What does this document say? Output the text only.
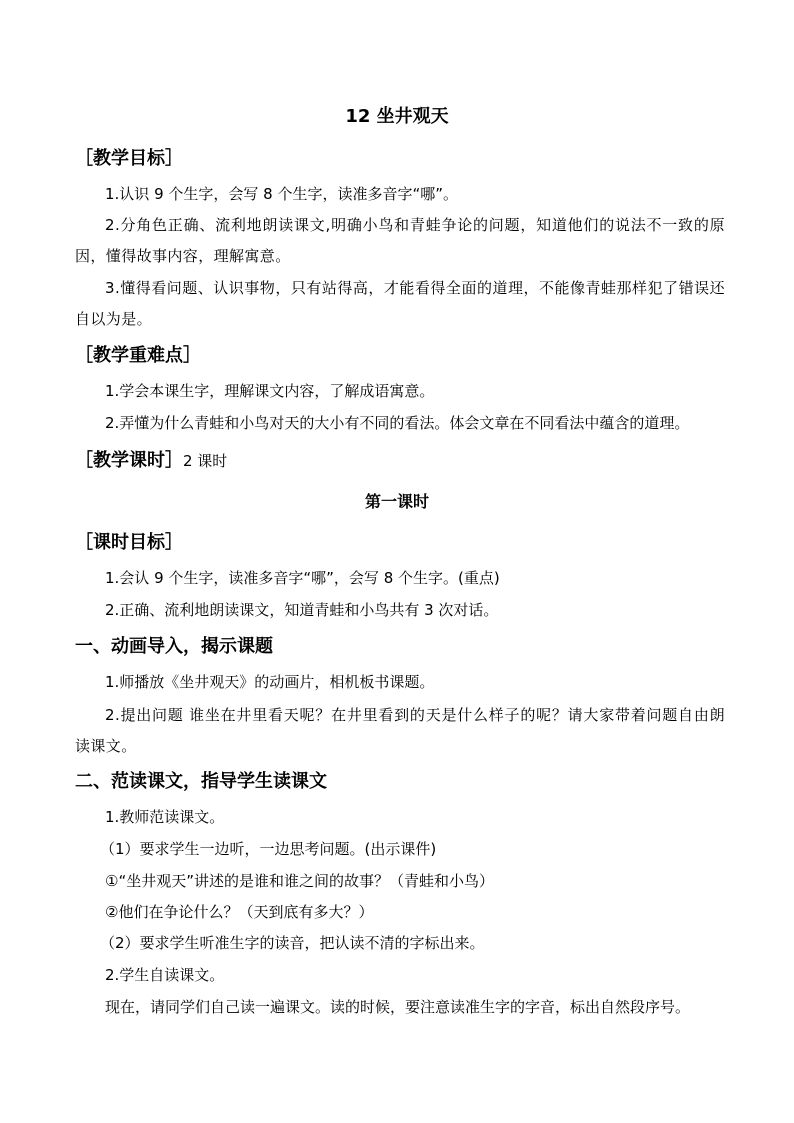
12 坐井观天
［教学目标］
1.认识 9 个生字，会写 8 个生字，读准多音字“哪”。
2.分角色正确、流利地朗读课文,明确小鸟和青蛙争论的问题，知道他们的说法不一致的原因，懂得故事内容，理解寓意。
3.懂得看问题、认识事物，只有站得高，才能看得全面的道理，不能像青蛙那样犯了错误还自以为是。
［教学重难点］
1.学会本课生字，理解课文内容，了解成语寓意。
2.弄懂为什么青蛙和小鸟对天的大小有不同的看法。体会文章在不同看法中蕴含的道理。
［教学课时］2 课时
第一课时
［课时目标］
1.会认 9 个生字，读准多音字“哪”，会写 8 个生字。(重点)
2.正确、流利地朗读课文，知道青蛙和小鸟共有 3 次对话。
一、动画导入，揭示课题
1.师播放《坐井观天》的动画片，相机板书课题。
2.提出问题 谁坐在井里看天呢？在井里看到的天是什么样子的呢？请大家带着问题自由朗读课文。
二、范读课文，指导学生读课文
1.教师范读课文。
（1）要求学生一边听，一边思考问题。(出示课件)
①“坐井观天”讲述的是谁和谁之间的故事？（青蛙和小鸟）
②他们在争论什么？（天到底有多大？）
（2）要求学生听准生字的读音，把认读不清的字标出来。
2.学生自读课文。
现在，请同学们自己读一遍课文。读的时候，要注意读准生字的字音，标出自然段序号。
